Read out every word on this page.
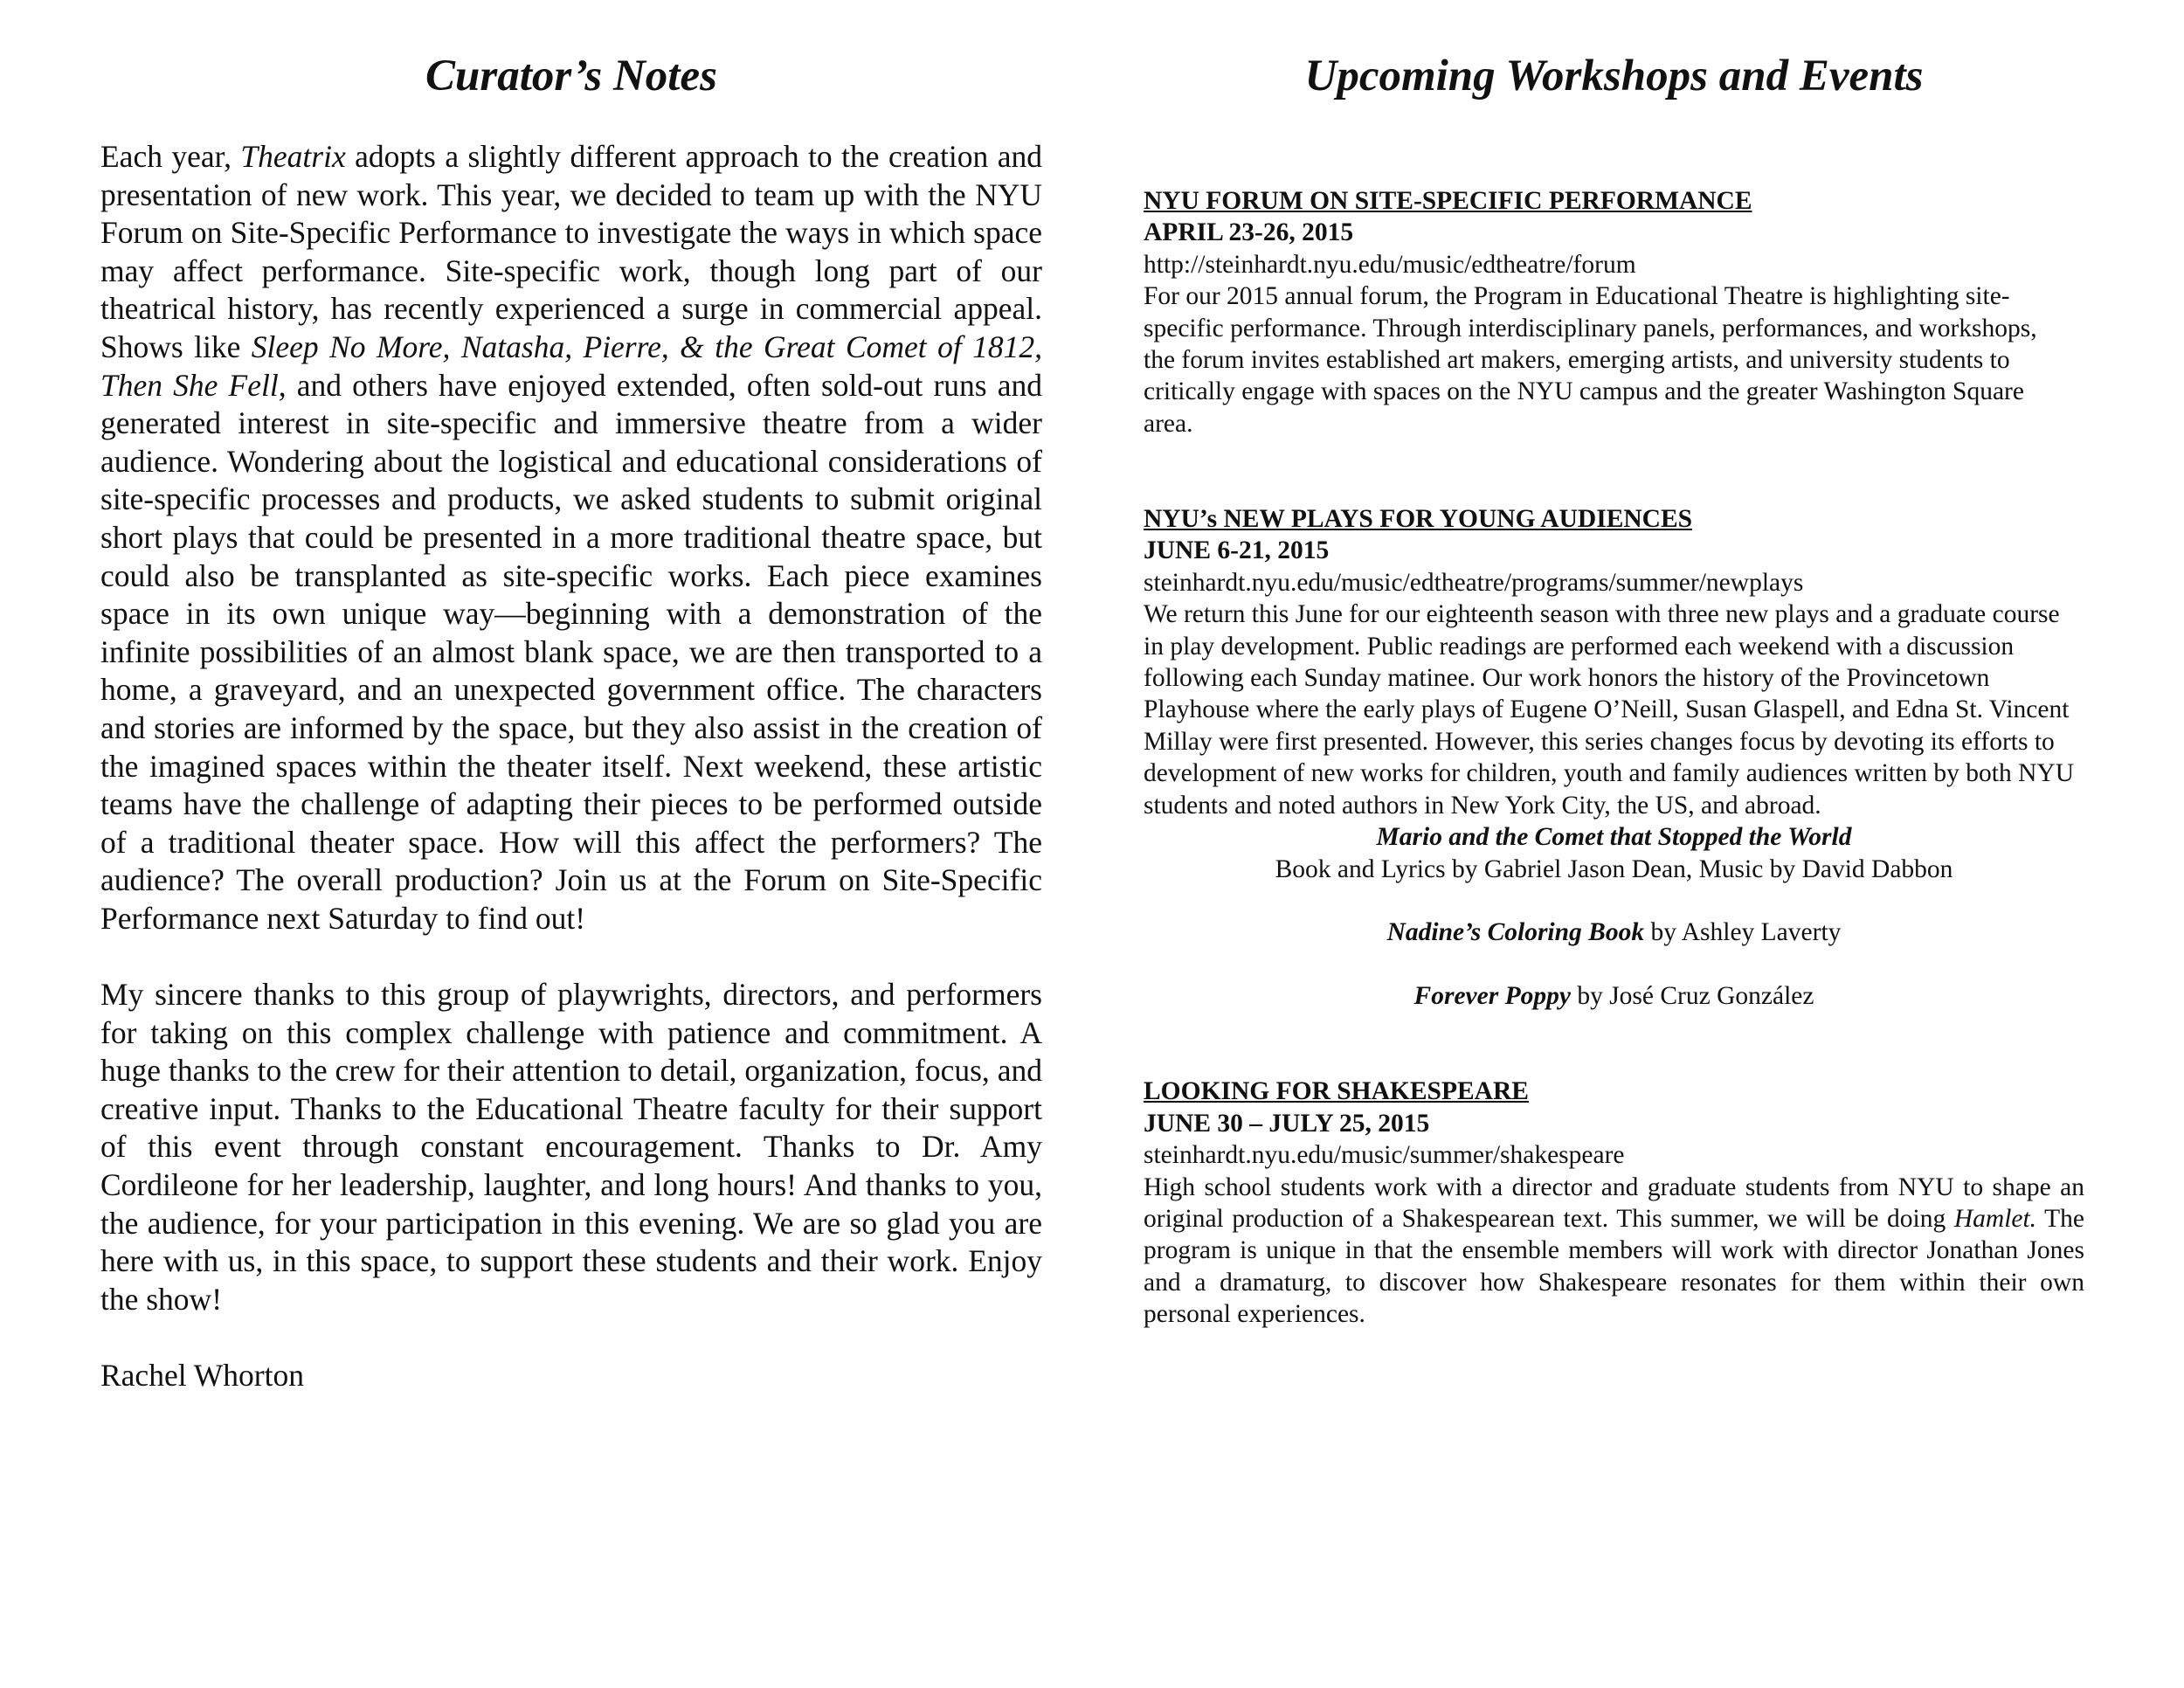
Curator’s Notes	Upcoming Workshops and Events

Each year, Theatrix adopts a slightly different approach to the creation and presentation of new work. This year, we decided to team up with the NYU Forum on Site-Specific Performance to investigate the ways in which space may affect performance. Site-specific work, though long part of our theatrical history, has recently experienced a surge in commercial appeal. Shows like Sleep No More, Natasha, Pierre, & the Great Comet of 1812, Then She Fell, and others have enjoyed extended, often sold-out runs and generated interest in site-specific and immersive theatre from a wider audience. Wondering about the logistical and educational considerations of site-specific processes and products, we asked students to submit original short plays that could be presented in a more traditional theatre space, but could also be transplanted as site-specific works. Each piece examines space in its own unique way—beginning with a demonstration of the infinite possibilities of an almost blank space, we are then transported to a home, a graveyard, and an unexpected government office. The characters and stories are informed by the space, but they also assist in the creation of the imagined spaces within the theater itself. Next weekend, these artistic teams have the challenge of adapting their pieces to be performed outside of a traditional theater space. How will this affect the performers? The audience? The overall production? Join us at the Forum on Site-Specific Performance next Saturday to find out!

My sincere thanks to this group of playwrights, directors, and performers for taking on this complex challenge with patience and commitment. A huge thanks to the crew for their attention to detail, organization, focus, and creative input. Thanks to the Educational Theatre faculty for their support of this event through constant encouragement. Thanks to Dr. Amy Cordileone for her leadership, laughter, and long hours! And thanks to you, the audience, for your participation in this evening. We are so glad you are here with us, in this space, to support these students and their work. Enjoy the show!

Rachel Whorton

NYU FORUM ON SITE-SPECIFIC PERFORMANCE
APRIL 23-26, 2015
http://steinhardt.nyu.edu/music/edtheatre/forum
For our 2015 annual forum, the Program in Educational Theatre is highlighting site-specific performance. Through interdisciplinary panels, performances, and workshops, the forum invites established art makers, emerging artists, and university students to critically engage with spaces on the NYU campus and the greater Washington Square area.
NYU’s NEW PLAYS FOR YOUNG AUDIENCES
JUNE 6-21, 2015
steinhardt.nyu.edu/music/edtheatre/programs/summer/newplays
We return this June for our eighteenth season with three new plays and a graduate course in play development. Public readings are performed each weekend with a discussion following each Sunday matinee. Our work honors the history of the Provincetown Playhouse where the early plays of Eugene O’Neill, Susan Glaspell, and Edna St. Vincent Millay were first presented. However, this series changes focus by devoting its efforts to development of new works for children, youth and family audiences written by both NYU students and noted authors in New York City, the US, and abroad.
Mario and the Comet that Stopped the World
Book and Lyrics by Gabriel Jason Dean, Music by David Dabbon
Nadine’s Coloring Book by Ashley Laverty
Forever Poppy by José Cruz González
LOOKING FOR SHAKESPEARE
JUNE 30 – JULY 25, 2015
steinhardt.nyu.edu/music/summer/shakespeare
High school students work with a director and graduate students from NYU to shape an original production of a Shakespearean text. This summer, we will be doing Hamlet. The program is unique in that the ensemble members will work with director Jonathan Jones and a dramaturg, to discover how Shakespeare resonates for them within their own personal experiences.
